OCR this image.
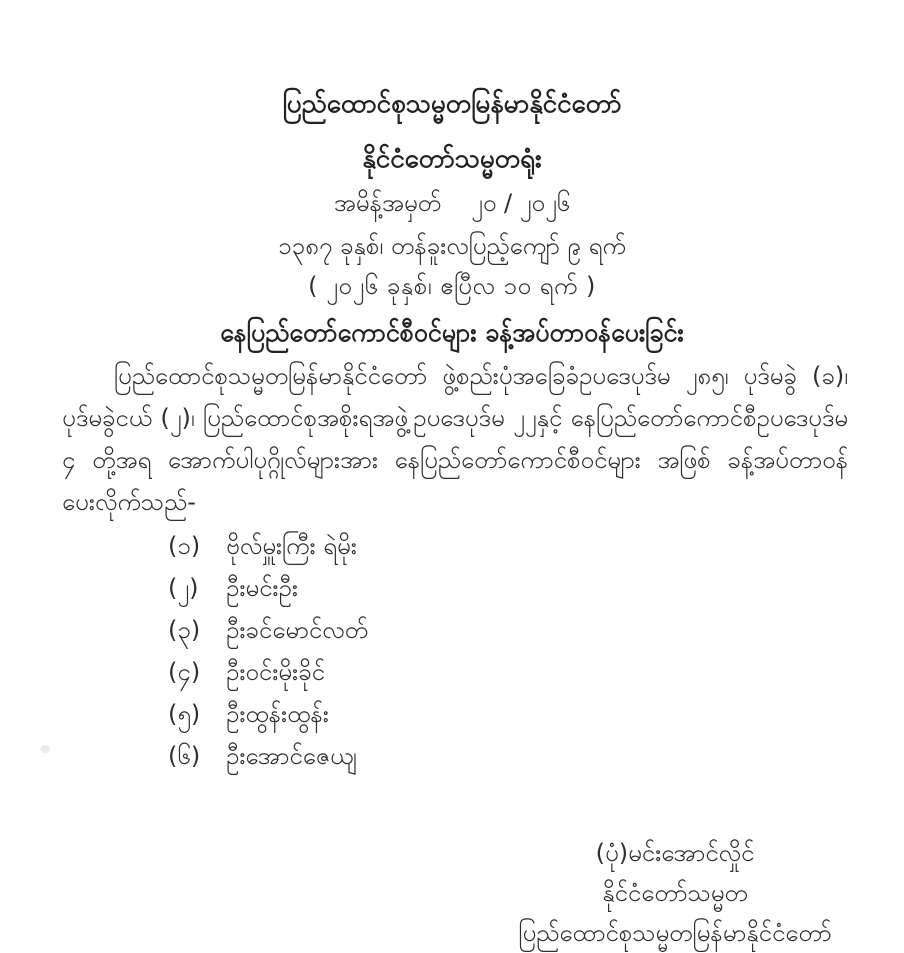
ပြည်ထောင်စုသမ္မတမြန်မာနိုင်ငံတော်
နိုင်ငံတော်သမ္မတရုံး
အမိန့်အမှတ် ၂၀ / ၂၀၂၆
၁၃၈၇ ခုနှစ်၊ တန်ခူးလပြည့်ကျော် ၉ ရက်
( ၂၀၂၆ ခုနှစ်၊ ဧပြီလ ၁၀ ရက် )
နေပြည်တော်ကောင်စီဝင်များ ခန့်အပ်တာဝန်ပေးခြင်း

ပြည်ထောင်စုသမ္မတမြန်မာနိုင်ငံတော် ဖွဲ့စည်းပုံအခြေခံဥပဒေပုဒ်မ ၂၈၅၊ ပုဒ်မခွဲ (ခ)၊ ပုဒ်မခွဲငယ် (၂)၊ ပြည်ထောင်စုအစိုးရအဖွဲ့ဥပဒေပုဒ်မ ၂၂နှင့် နေပြည်တော်ကောင်စီဥပဒေပုဒ်မ ၄ တို့အရ အောက်ပါပုဂ္ဂိုလ်များအား နေပြည်တော်ကောင်စီဝင်များ အဖြစ် ခန့်အပ်တာဝန်ပေးလိုက်သည်-

(၁)	ဗိုလ်မှူးကြီး ရဲမိုး
(၂)	ဦးမင်းဦး
(၃)	ဦးခင်မောင်လတ်
(၄)	ဦးဝင်းမိုးခိုင်
(၅)	ဦးထွန်းထွန်း
(၆)	ဦးအောင်ဇေယျ
(ပုံ)မင်းအောင်လှိုင်
နိုင်ငံတော်သမ္မတ
ပြည်ထောင်စုသမ္မတမြန်မာနိုင်ငံတော်
